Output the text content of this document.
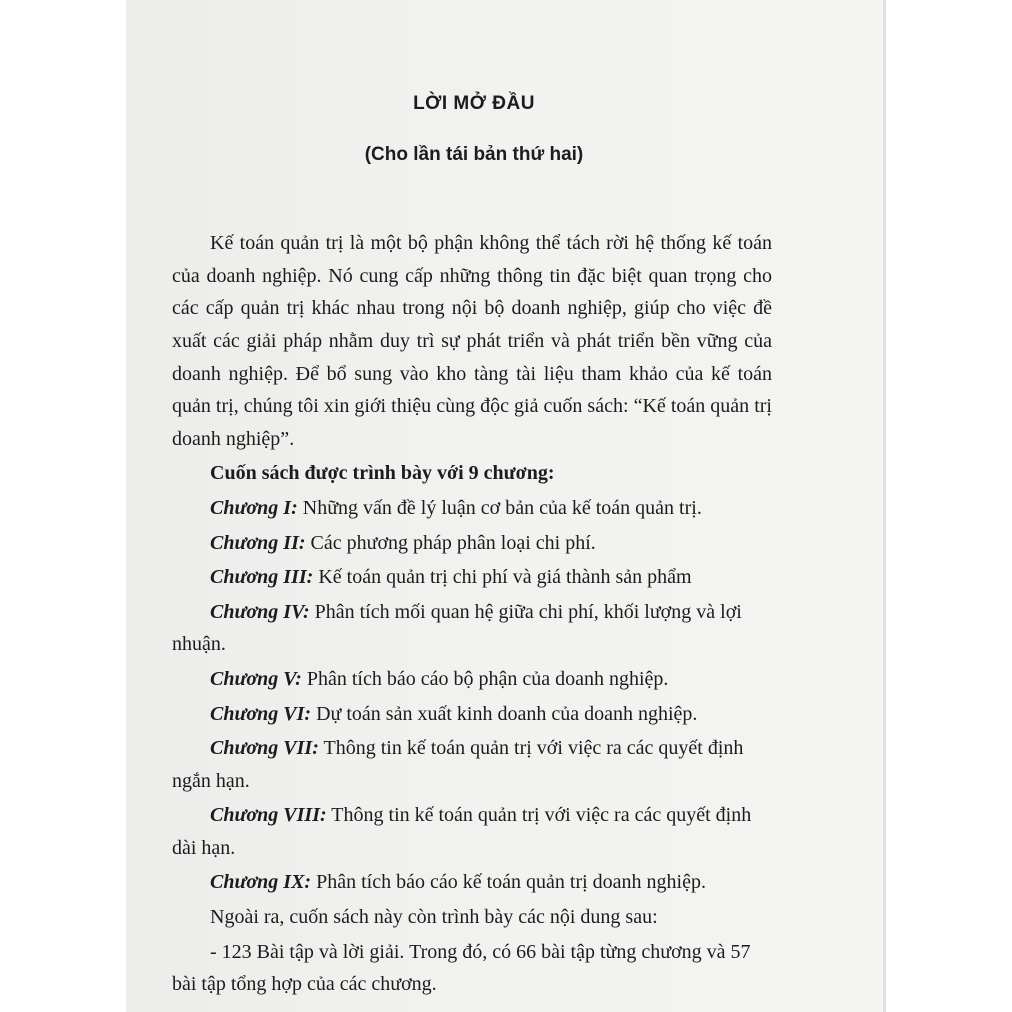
LỜI MỞ ĐẦU

(Cho lần tái bản thứ hai)

Kế toán quản trị là một bộ phận không thể tách rời hệ thống kế toán của doanh nghiệp. Nó cung cấp những thông tin đặc biệt quan trọng cho các cấp quản trị khác nhau trong nội bộ doanh nghiệp, giúp cho việc đề xuất các giải pháp nhằm duy trì sự phát triển và phát triển bền vững của doanh nghiệp. Để bổ sung vào kho tàng tài liệu tham khảo của kế toán quản trị, chúng tôi xin giới thiệu cùng độc giả cuốn sách: “Kế toán quản trị doanh nghiệp”.

Cuốn sách được trình bày với 9 chương:

Chương I: Những vấn đề lý luận cơ bản của kế toán quản trị.

Chương II: Các phương pháp phân loại chi phí.

Chương III: Kế toán quản trị chi phí và giá thành sản phẩm

Chương IV: Phân tích mối quan hệ giữa chi phí, khối lượng và lợi nhuận.

Chương V: Phân tích báo cáo bộ phận của doanh nghiệp.

Chương VI: Dự toán sản xuất kinh doanh của doanh nghiệp.

Chương VII: Thông tin kế toán quản trị với việc ra các quyết định ngắn hạn.

Chương VIII: Thông tin kế toán quản trị với việc ra các quyết định dài hạn.

Chương IX: Phân tích báo cáo kế toán quản trị doanh nghiệp.

Ngoài ra, cuốn sách này còn trình bày các nội dung sau:

- 123 Bài tập và lời giải. Trong đó, có 66 bài tập từng chương và 57 bài tập tổng hợp của các chương.
